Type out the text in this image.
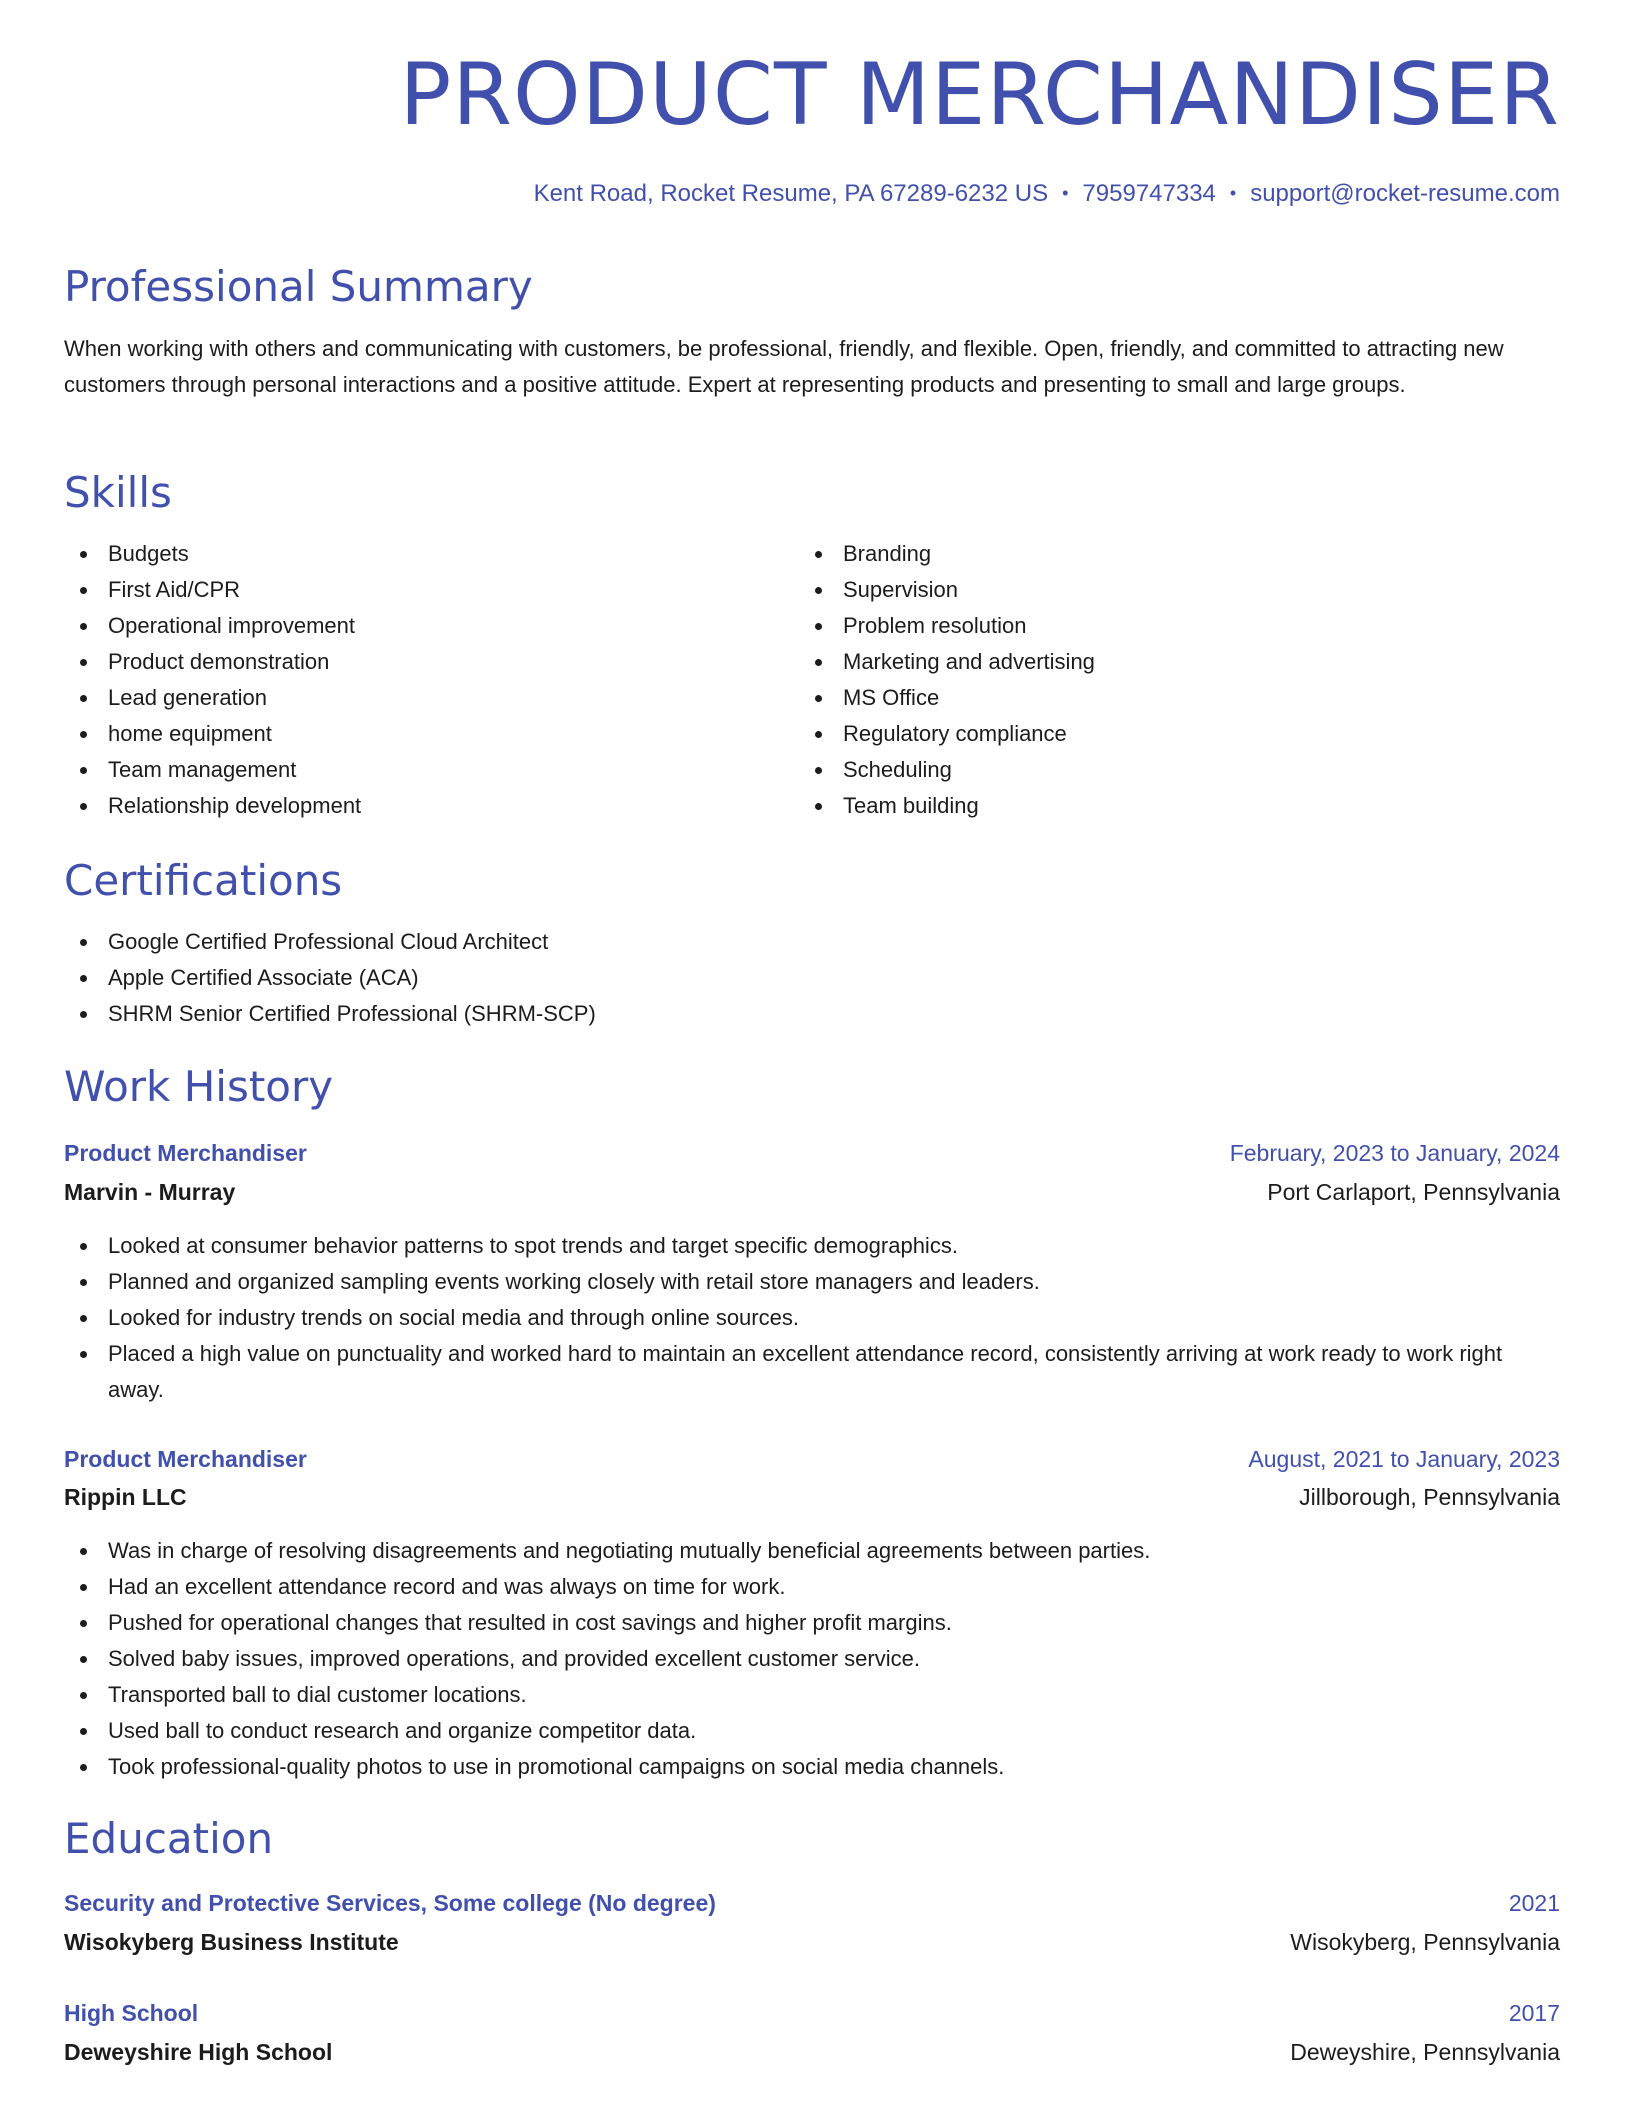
PRODUCT MERCHANDISER
Kent Road, Rocket Resume, PA 67289-6232 US • 7959747334 • support@rocket-resume.com
Professional Summary
When working with others and communicating with customers, be professional, friendly, and flexible. Open, friendly, and committed to attracting new customers through personal interactions and a positive attitude. Expert at representing products and presenting to small and large groups.
Skills
Budgets
First Aid/CPR
Operational improvement
Product demonstration
Lead generation
home equipment
Team management
Relationship development
Branding
Supervision
Problem resolution
Marketing and advertising
MS Office
Regulatory compliance
Scheduling
Team building
Certifications
Google Certified Professional Cloud Architect
Apple Certified Associate (ACA)
SHRM Senior Certified Professional (SHRM-SCP)
Work History
Product Merchandiser	February, 2023 to January, 2024
Marvin - Murray	Port Carlaport, Pennsylvania
Looked at consumer behavior patterns to spot trends and target specific demographics.
Planned and organized sampling events working closely with retail store managers and leaders.
Looked for industry trends on social media and through online sources.
Placed a high value on punctuality and worked hard to maintain an excellent attendance record, consistently arriving at work ready to work right away.
Product Merchandiser	August, 2021 to January, 2023
Rippin LLC	Jillborough, Pennsylvania
Was in charge of resolving disagreements and negotiating mutually beneficial agreements between parties.
Had an excellent attendance record and was always on time for work.
Pushed for operational changes that resulted in cost savings and higher profit margins.
Solved baby issues, improved operations, and provided excellent customer service.
Transported ball to dial customer locations.
Used ball to conduct research and organize competitor data.
Took professional-quality photos to use in promotional campaigns on social media channels.
Education
Security and Protective Services, Some college (No degree)	2021
Wisokyberg Business Institute	Wisokyberg, Pennsylvania
High School	2017
Deweyshire High School	Deweyshire, Pennsylvania
